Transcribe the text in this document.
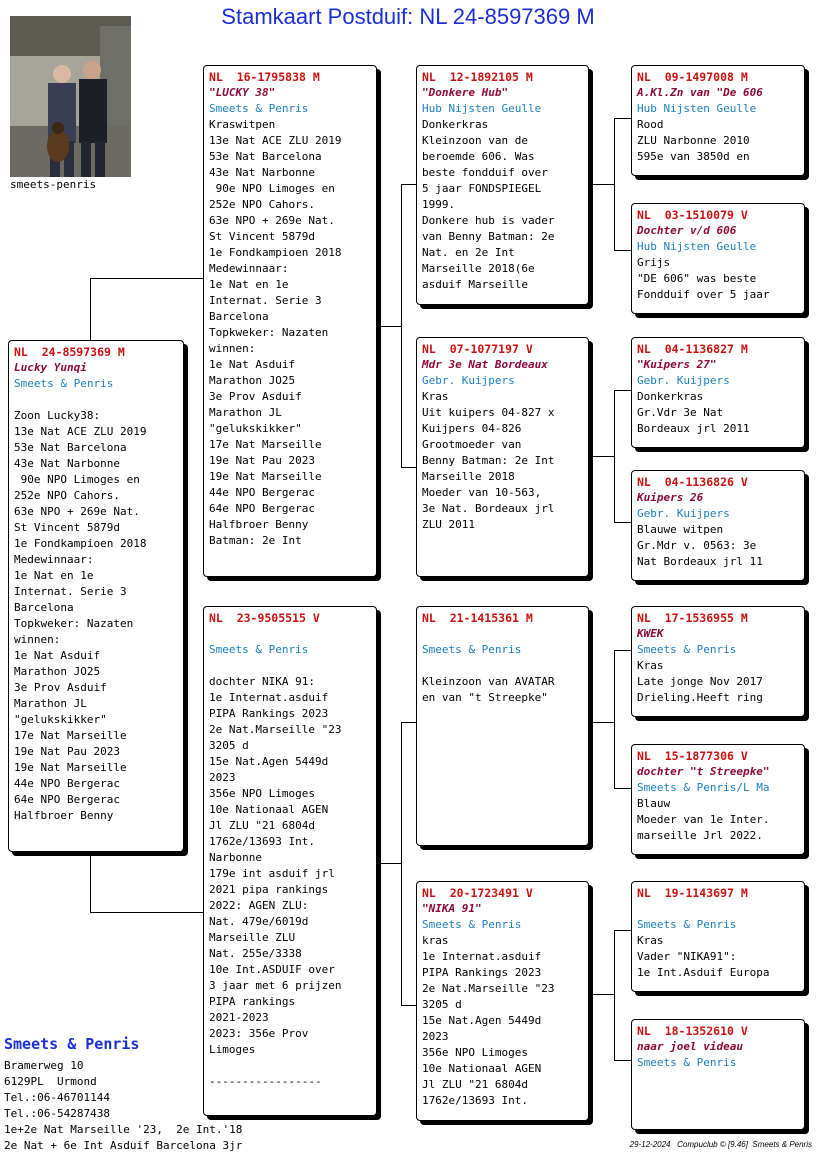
Stamkaart Postduif: NL 24-8597369 M
smeets-penris
NL  24-8597369 M
Lucky Yunqi
Smeets & Penris
Zoon Lucky38:
13e Nat ACE ZLU 2019
53e Nat Barcelona
43e Nat Narbonne
90e NPO Limoges en
252e NPO Cahors.
63e NPO + 269e Nat.
St Vincent 5879d
1e Fondkampioen 2018
Medewinnaar:
1e Nat en 1e
Internat. Serie 3
Barcelona
Topkweker: Nazaten
winnen:
1e Nat Asduif
Marathon JO25
3e Prov Asduif
Marathon JL
"gelukskikker"
17e Nat Marseille
19e Nat Pau 2023
19e Nat Marseille
44e NPO Bergerac
64e NPO Bergerac
Halfbroer Benny
NL  16-1795838 M
"LUCKY 38"
Smeets & Penris
Kraswitpen
13e Nat ACE ZLU 2019
53e Nat Barcelona
43e Nat Narbonne
90e NPO Limoges en
252e NPO Cahors.
63e NPO + 269e Nat.
St Vincent 5879d
1e Fondkampioen 2018
Medewinnaar:
1e Nat en 1e
Internat. Serie 3
Barcelona
Topkweker: Nazaten
winnen:
1e Nat Asduif
Marathon JO25
3e Prov Asduif
Marathon JL
"gelukskikker"
17e Nat Marseille
19e Nat Pau 2023
19e Nat Marseille
44e NPO Bergerac
64e NPO Bergerac
Halfbroer Benny
Batman: 2e Int
NL  23-9505515 V
Smeets & Penris
dochter NIKA 91:
1e Internat.asduif
PIPA Rankings 2023
2e Nat.Marseille "23
3205 d
15e Nat.Agen 5449d
2023
356e NPO Limoges
10e Nationaal AGEN
Jl ZLU "21 6804d
1762e/13693 Int.
Narbonne
179e int asduif jrl
2021 pipa rankings
2022: AGEN ZLU:
Nat. 479e/6019d
Marseille ZLU
Nat. 255e/3338
10e Int.ASDUIF over
3 jaar met 6 prijzen
PIPA rankings
2021-2023
2023: 356e Prov
Limoges
-----------------
NL  12-1892105 M
"Donkere Hub"
Hub Nijsten Geulle
Donkerkras
Kleinzoon van de
beroemde 606. Was
beste fondduif over
5 jaar FONDSPIEGEL
1999.
Donkere hub is vader
van Benny Batman: 2e
Nat. en 2e Int
Marseille 2018(6e
asduif Marseille
NL  07-1077197 V
Mdr 3e Nat Bordeaux
Gebr. Kuijpers
Kras
Uit kuipers 04-827 x
Kuijpers 04-826
Grootmoeder van
Benny Batman: 2e Int
Marseille 2018
Moeder van 10-563,
3e Nat. Bordeaux jrl
ZLU 2011
NL  21-1415361 M
Smeets & Penris
Kleinzoon van AVATAR
en van "t Streepke"
NL  20-1723491 V
"NIKA 91"
Smeets & Penris
kras
1e Internat.asduif
PIPA Rankings 2023
2e Nat.Marseille "23
3205 d
15e Nat.Agen 5449d
2023
356e NPO Limoges
10e Nationaal AGEN
Jl ZLU "21 6804d
1762e/13693 Int.
NL  09-1497008 M
A.Kl.Zn van "De 606
Hub Nijsten Geulle
Rood
ZLU Narbonne 2010
595e van 3850d en
NL  03-1510079 V
Dochter v/d 606
Hub Nijsten Geulle
Grijs
"DE 606" was beste
Fondduif over 5 jaar
NL  04-1136827 M
"Kuipers 27"
Gebr. Kuijpers
Donkerkras
Gr.Vdr 3e Nat
Bordeaux jrl 2011
NL  04-1136826 V
Kuipers 26
Gebr. Kuijpers
Blauwe witpen
Gr.Mdr v. 0563: 3e
Nat Bordeaux jrl 11
NL  17-1536955 M
KWEK
Smeets & Penris
Kras
Late jonge Nov 2017
Drieling.Heeft ring
NL  15-1877306 V
dochter "t Streepke"
Smeets & Penris/L Ma
Blauw
Moeder van 1e Inter.
marseille Jrl 2022.
NL  19-1143697 M
Smeets & Penris
Kras
Vader "NIKA91":
1e Int.Asduif Europa
NL  18-1352610 V
naar joel videau
Smeets & Penris
Smeets & Penris
Bramerweg 10
6129PL  Urmond
Tel.:06-46701144
Tel.:06-54287438
1e+2e Nat Marseille '23,  2e Int.'18
2e Nat + 6e Int Asduif Barcelona 3jr	29-12-2024   Compuclub © [9.46]  Smeets & Penris
